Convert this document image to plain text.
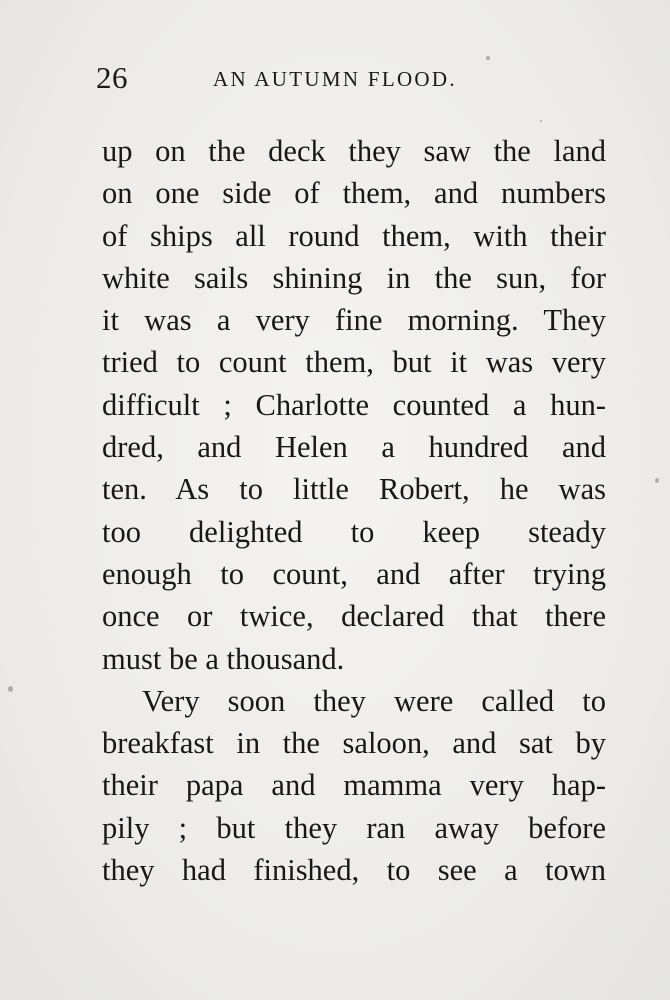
26	AN AUTUMN FLOOD.
up on the deck they saw the land
on one side of them, and numbers
of ships all round them, with their
white sails shining in the sun, for
it was a very fine morning. They
tried to count them, but it was very
difficult ; Charlotte counted a hun-
dred, and Helen a hundred and
ten. As to little Robert, he was
too delighted to keep steady
enough to count, and after trying
once or twice, declared that there
must be a thousand.
Very soon they were called to
breakfast in the saloon, and sat by
their papa and mamma very hap-
pily ; but they ran away before
they had finished, to see a town
